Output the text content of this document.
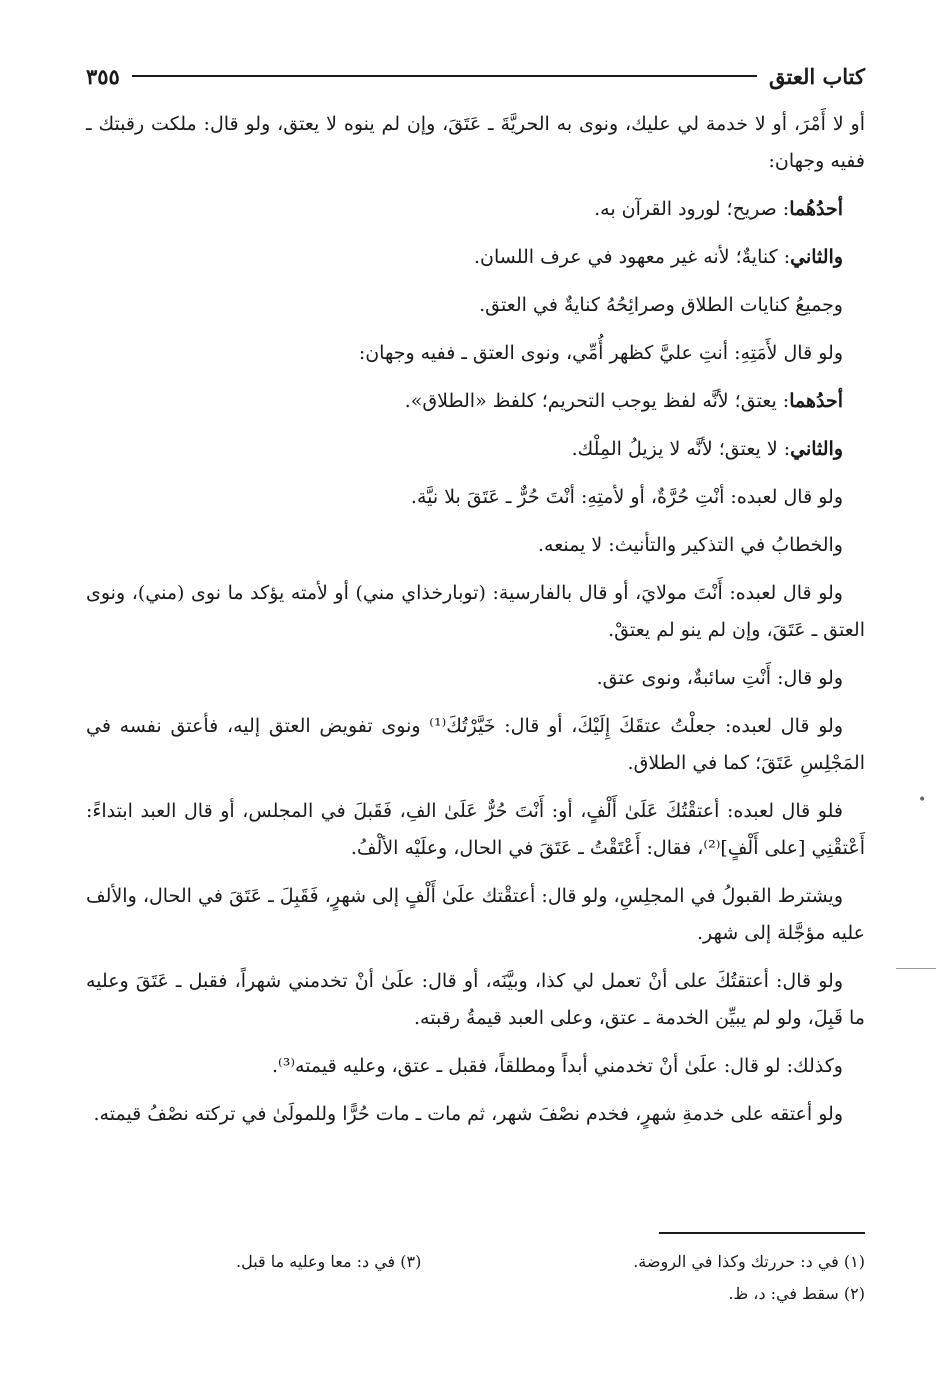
كتاب العتق
٣٥٥

أو لا أَمْرَ، أو لا خدمة لي عليك، ونوى به الحريَّةَ ـ عَتَقَ، وإن لم ينوه لا يعتق، ولو قال: ملكت رقبتك ـ ففيه وجهان:

أحدُهُما: صريح؛ لورود القرآن به.

والثاني: كنايةٌ؛ لأنه غير معهود في عرف اللسان.

وجميعُ كنايات الطلاق وصرائِحُهُ كنايةٌ في العتق.

ولو قال لأَمَتِهِ: أنتِ عليَّ كظهر أُمِّي، ونوى العتق ـ ففيه وجهان:

أحدُهما: يعتق؛ لأنَّه لفظ يوجب التحريم؛ كلفظ «الطلاق».

والثاني: لا يعتق؛ لأنَّه لا يزيلُ المِلْك.

ولو قال لعبده: أنْتِ حُرَّةٌ، أو لأمتِهِ: أنْتَ حُرٌّ ـ عَتَقَ بلا نيَّة.

والخطابُ في التذكير والتأنيث: لا يمنعه.

ولو قال لعبده: أَنْتَ مولايَ، أو قال بالفارسية: (توبارخذاي مني) أو لأمته يؤكد ما نوى (مني)، ونوى العتق ـ عَتَقَ، وإن لم ينو لم يعتقْ.

ولو قال: أَنْتِ سائبةٌ، ونوى عتق.

ولو قال لعبده: جعلْتُ عتقَكَ إِلَيْكَ، أو قال: خَيَّرْتُكَ⁽¹⁾ ونوى تفويض العتق إليه، فأعتق نفسه في المَجْلِسِ عَتَقَ؛ كما في الطلاق.

فلو قال لعبده: أعتقْتُكَ عَلَىٰ أَلْفٍ، أو: أَنْتَ حُرٌّ عَلَىٰ الفِ، فَقَبلَ في المجلس، أو قال العبد ابتداءً: أَعْتقْنِي [على أَلْفٍ]⁽²⁾، فقال: أَعْتَقْتُ ـ عَتَقَ في الحال، وعلَيْه الألْفُ.

ويشترط القبولُ في المجلِسِ، ولو قال: أعتقْتك علَىٰ أَلْفٍ إلى شهرٍ، فَقَبِلَ ـ عَتَقَ في الحال، والألف عليه مؤجَّلة إلى شهر.

ولو قال: أعتقتُكَ على أنْ تعمل لي كذا، وبيَّنَه، أو قال: علَىٰ أنْ تخدمني شهراً، فقبل ـ عَتَقَ وعليه ما قَبِلَ، ولو لم يبيِّن الخدمة ـ عتق، وعلى العبد قيمةُ رقبته.

وكذلك: لو قال: علَىٰ أنْ تخدمني أبداً ومطلقاً، فقبل ـ عتق، وعليه قيمته⁽³⁾.

ولو أعتقه على خدمةِ شهرٍ، فخدم نصْفَ شهر، ثم مات ـ مات حُرًّا وللمولَىٰ في تركته نصْفُ قيمته.

(١) في د: حررتك وكذا في الروضة.
(٣) في د: معا وعليه ما قبل.
(٢) سقط في: د، ظ.
•
